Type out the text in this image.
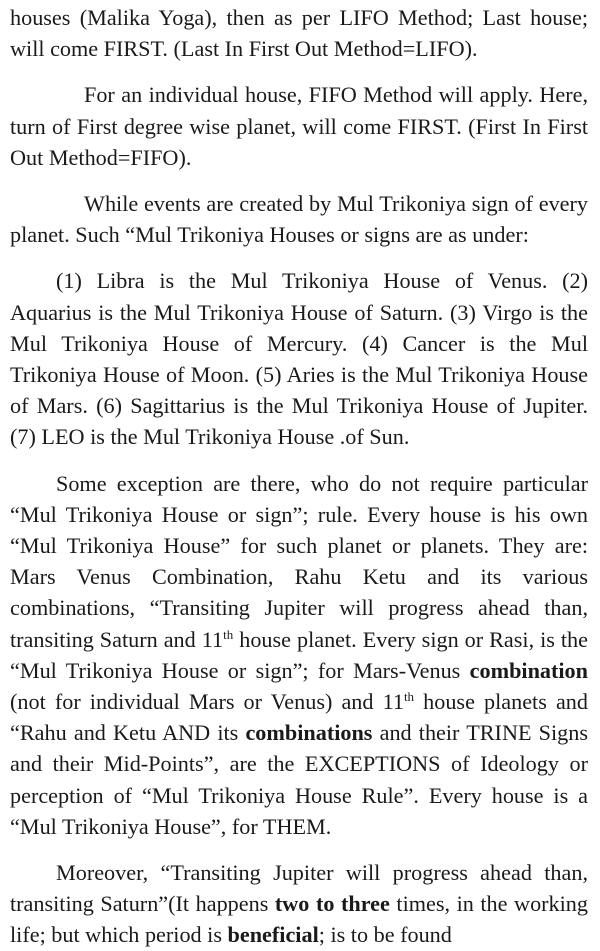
houses (Malika Yoga), then as per LIFO Method; Last house; will come FIRST. (Last In First Out Method=LIFO).

For an individual house, FIFO Method will apply. Here, turn of First degree wise planet, will come FIRST. (First In First Out Method=FIFO).

While events are created by Mul Trikoniya sign of every planet. Such “Mul Trikoniya Houses or signs are as under:

(1) Libra is the Mul Trikoniya House of Venus. (2) Aquarius is the Mul Trikoniya House of Saturn. (3) Virgo is the Mul Trikoniya House of Mercury. (4) Cancer is the Mul Trikoniya House of Moon. (5) Aries is the Mul Trikoniya House of Mars. (6) Sagittarius is the Mul Trikoniya House of Jupiter. (7) LEO is the Mul Trikoniya House .of Sun.

Some exception are there, who do not require particular “Mul Trikoniya House or sign”; rule. Every house is his own “Mul Trikoniya House” for such planet or planets. They are: Mars Venus Combination, Rahu Ketu and its various combinations, “Transiting Jupiter will progress ahead than, transiting Saturn and 11th house planet. Every sign or Rasi, is the “Mul Trikoniya House or sign”; for Mars-Venus combination (not for individual Mars or Venus) and 11th house planets and “Rahu and Ketu AND its combinations and their TRINE Signs and their Mid-Points”, are the EXCEPTIONS of Ideology or perception of “Mul Trikoniya House Rule”. Every house is a “Mul Trikoniya House”, for THEM.

Moreover, “Transiting Jupiter will progress ahead than, transiting Saturn”(It happens two to three times, in the working life; but which period is beneficial; is to be found
